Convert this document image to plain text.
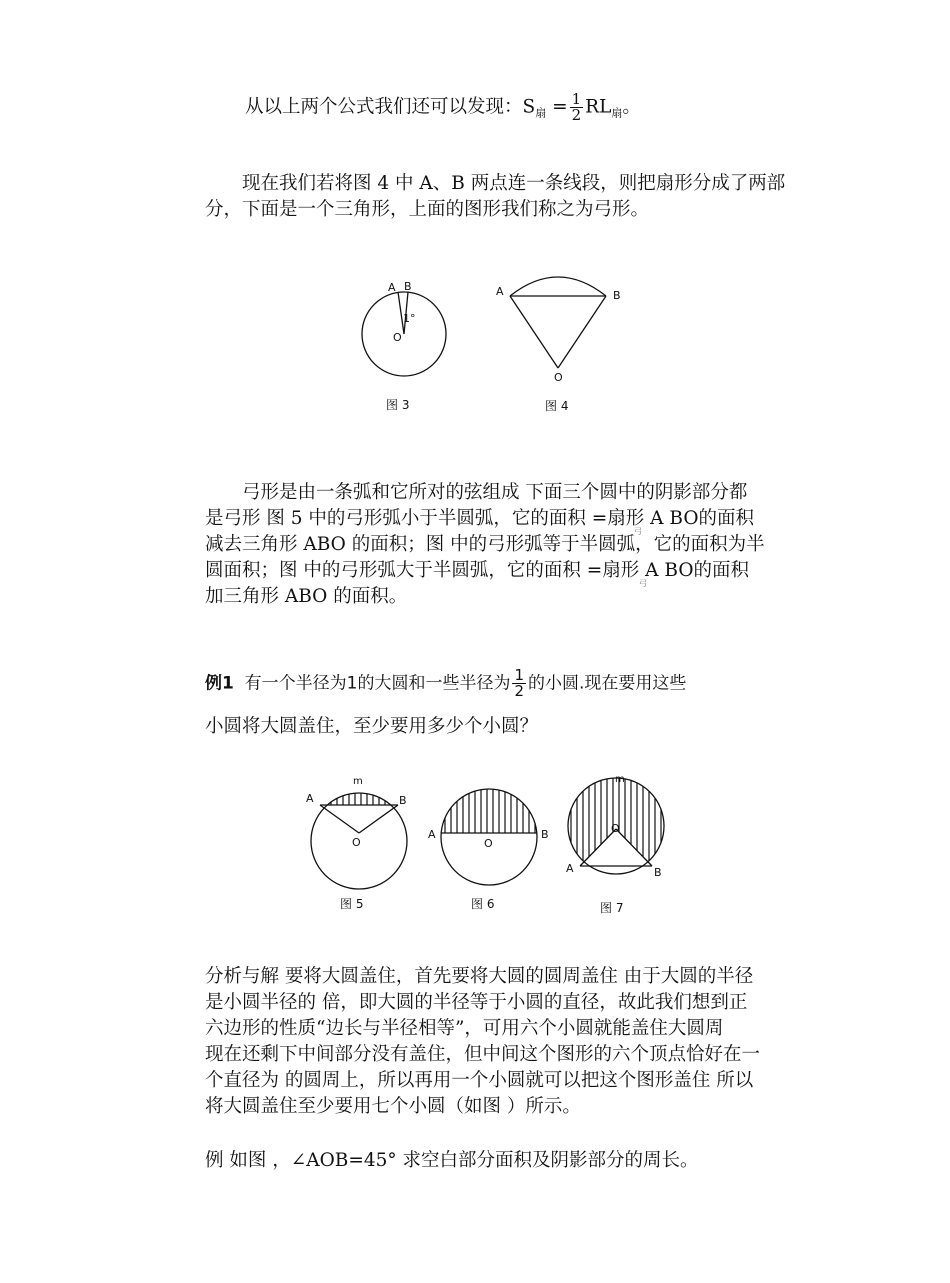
从以上两个公式我们还可以发现：$S_扇 = \frac{1}{2} RL_扇$。
现在我们若将图 4 中 A、B 两点连一条线段，则把扇形分成了两部
分，下面是一个三角形，上面的图形我们称之为弓形。
弓形是由一条弧和它所对的弦组成 下面三个圆中的阴影部分都
是弓形 图 5 中的弓形弧小于半圆弧，它的面积 =扇形 A BO的面积
减去三角形 ABO 的面积；图 中的弓形弧等于半圆弧，它的面积为半
圆面积；图 中的弓形弧大于半圆弧，它的面积 =扇形 A BO的面积
加三角形 ABO 的面积。
弓
弓
例1 有一个半径为1的大圆和一些半径为 $\frac{1}{2}$ 的小圆.现在要用这些
小圆将大圆盖住，至少要用多少个小圆？
分析与解 要将大圆盖住，首先要将大圆的圆周盖住 由于大圆的半径
是小圆半径的 倍，即大圆的半径等于小圆的直径，故此我们想到正
六边形的性质“边长与半径相等”，可用六个小圆就能盖住大圆周
现在还剩下中间部分没有盖住，但中间这个图形的六个顶点恰好在一
个直径为 的圆周上，所以再用一个小圆就可以把这个图形盖住 所以
将大圆盖住至少要用七个小圆（如图 ）所示。
例 如图 ，∠AOB=45° 求空白部分面积及阴影部分的周长。
A B
O
1°
图 3
A	B
O
图 4
m
A	B
O
图 5
A	B
O
图 6
m
A	B
O
图 7
